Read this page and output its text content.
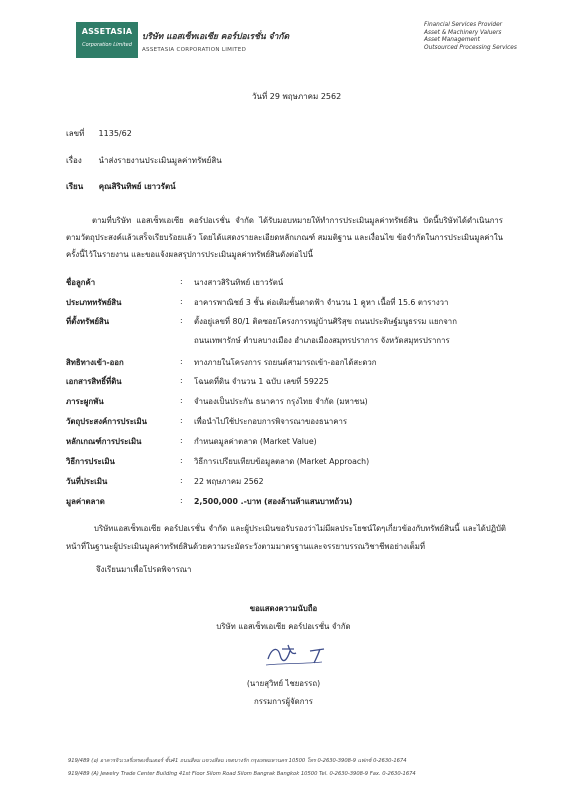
ASSETASIA
Corporation Limited
บริษัท แอสเซ็ทเอเซีย คอร์ปอเรชั่น จำกัด
ASSETASIA CORPORATION LIMITED
Financial Services Provider
Asset & Machinery Valuers
Asset Management
Outsourced Processing Services
วันที่ 29 พฤษภาคม 2562
เลขที่ 1135/62
เรื่อง นำส่งรายงานประเมินมูลค่าทรัพย์สิน
เรียน คุณสิรินทิพย์ เยาวรัตน์
ตามที่บริษัท แอสเซ็ทเอเซีย คอร์ปอเรชั่น จำกัด ได้รับมอบหมายให้ทำการประเมินมูลค่าทรัพย์สิน บัดนี้บริษัทได้ดำเนินการตามวัตถุประสงค์แล้วเสร็จเรียบร้อยแล้ว โดยได้แสดงรายละเอียดหลักเกณฑ์ สมมติฐาน และเงื่อนไข ข้อจำกัดในการประเมินมูลค่าในครั้งนี้ไว้ในรายงาน และขอแจ้งผลสรุปการประเมินมูลค่าทรัพย์สินดังต่อไปนี้
ชื่อลูกค้า	: นางสาวสิรินทิพย์ เยาวรัตน์
ประเภททรัพย์สิน	: อาคารพาณิชย์ 3 ชั้น ต่อเติมชั้นดาดฟ้า จำนวน 1 คูหา เนื้อที่ 15.6 ตารางวา
ที่ตั้งทรัพย์สิน	: ตั้งอยู่เลขที่ 80/1 ติดซอยโครงการหมู่บ้านศิริสุข ถนนประดิษฐ์มนูธรรม แยกจาก
ถนนเทพารักษ์ ตำบลบางเมือง อำเภอเมืองสมุทรปราการ จังหวัดสมุทรปราการ
สิทธิทางเข้า-ออก	: ทางภายในโครงการ รถยนต์สามารถเข้า-ออกได้สะดวก
เอกสารสิทธิ์ที่ดิน	: โฉนดที่ดิน จำนวน 1 ฉบับ เลขที่ 59225
ภาระผูกพัน	: จำนองเป็นประกัน ธนาคาร กรุงไทย จำกัด (มหาชน)
วัตถุประสงค์การประเมิน	: เพื่อนำไปใช้ประกอบการพิจารณาของธนาคาร
หลักเกณฑ์การประเมิน	: กำหนดมูลค่าตลาด (Market Value)
วิธีการประเมิน	: วิธีการเปรียบเทียบข้อมูลตลาด (Market Approach)
วันที่ประเมิน	: 22 พฤษภาคม 2562
มูลค่าตลาด	: 2,500,000 .-บาท (สองล้านห้าแสนบาทถ้วน)
บริษัทแอสเซ็ทเอเซีย คอร์ปอเรชั่น จำกัด และผู้ประเมินขอรับรองว่าไม่มีผลประโยชน์ใดๆเกี่ยวข้องกับทรัพย์สินนี้ และได้ปฏิบัติหน้าที่ในฐานะผู้ประเมินมูลค่าทรัพย์สินด้วยความระมัดระวังตามมาตรฐานและจรรยาบรรณวิชาชีพอย่างเต็มที่
จึงเรียนมาเพื่อโปรดพิจารณา
ขอแสดงความนับถือ
บริษัท แอสเซ็ทเอเซีย คอร์ปอเรชั่น จำกัด
(นายสุวิทย์ ไชยอรรถ)
กรรมการผู้จัดการ
919/489 (อ) อาคารจิวเวลรี่เทรดเซ็นเตอร์ ชั้น41 ถนนสีลม แขวงสีลม เขตบางรัก กรุงเทพมหานคร 10500 โทร 0-2630-3908-9 แฟกซ์ 0-2630-1674
919/489 (A) Jewelry Trade Center Building 41st Floor Silom Road Silom Bangrak Bangkok 10500 Tel. 0-2630-3908-9 Fax. 0-2630-1674
